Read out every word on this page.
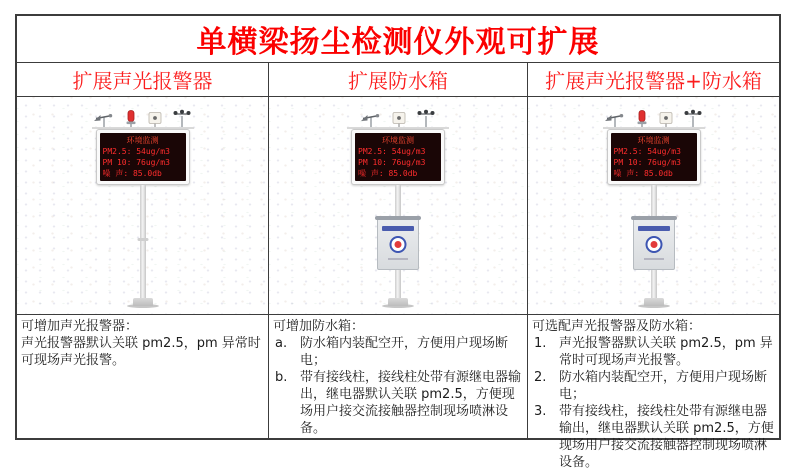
单横梁扬尘检测仪外观可扩展
扩展声光报警器	扩展防水箱	扩展声光报警器+防水箱
环境监测
PM2.5: 54ug/m3
PM 10: 76ug/m3
噪 声: 85.0db
环境监测
PM2.5: 54ug/m3
PM 10: 76ug/m3
噪 声: 85.0db
环境监测
PM2.5: 54ug/m3
PM 10: 76ug/m3
噪 声: 85.0db
可增加声光报警器：
声光报警器默认关联 pm2.5，pm 异常时可现场声光报警。
可增加防水箱：
a. 防水箱内装配空开，方便用户现场断电；
b. 带有接线柱，接线柱处带有源继电器输出，继电器默认关联 pm2.5，方便现场用户接交流接触器控制现场喷淋设备。
可选配声光报警器及防水箱：
1. 声光报警器默认关联 pm2.5，pm 异常时可现场声光报警。
2. 防水箱内装配空开，方便用户现场断电；
3. 带有接线柱，接线柱处带有源继电器输出，继电器默认关联 pm2.5，方便现场用户接交流接触器控制现场喷淋设备。
